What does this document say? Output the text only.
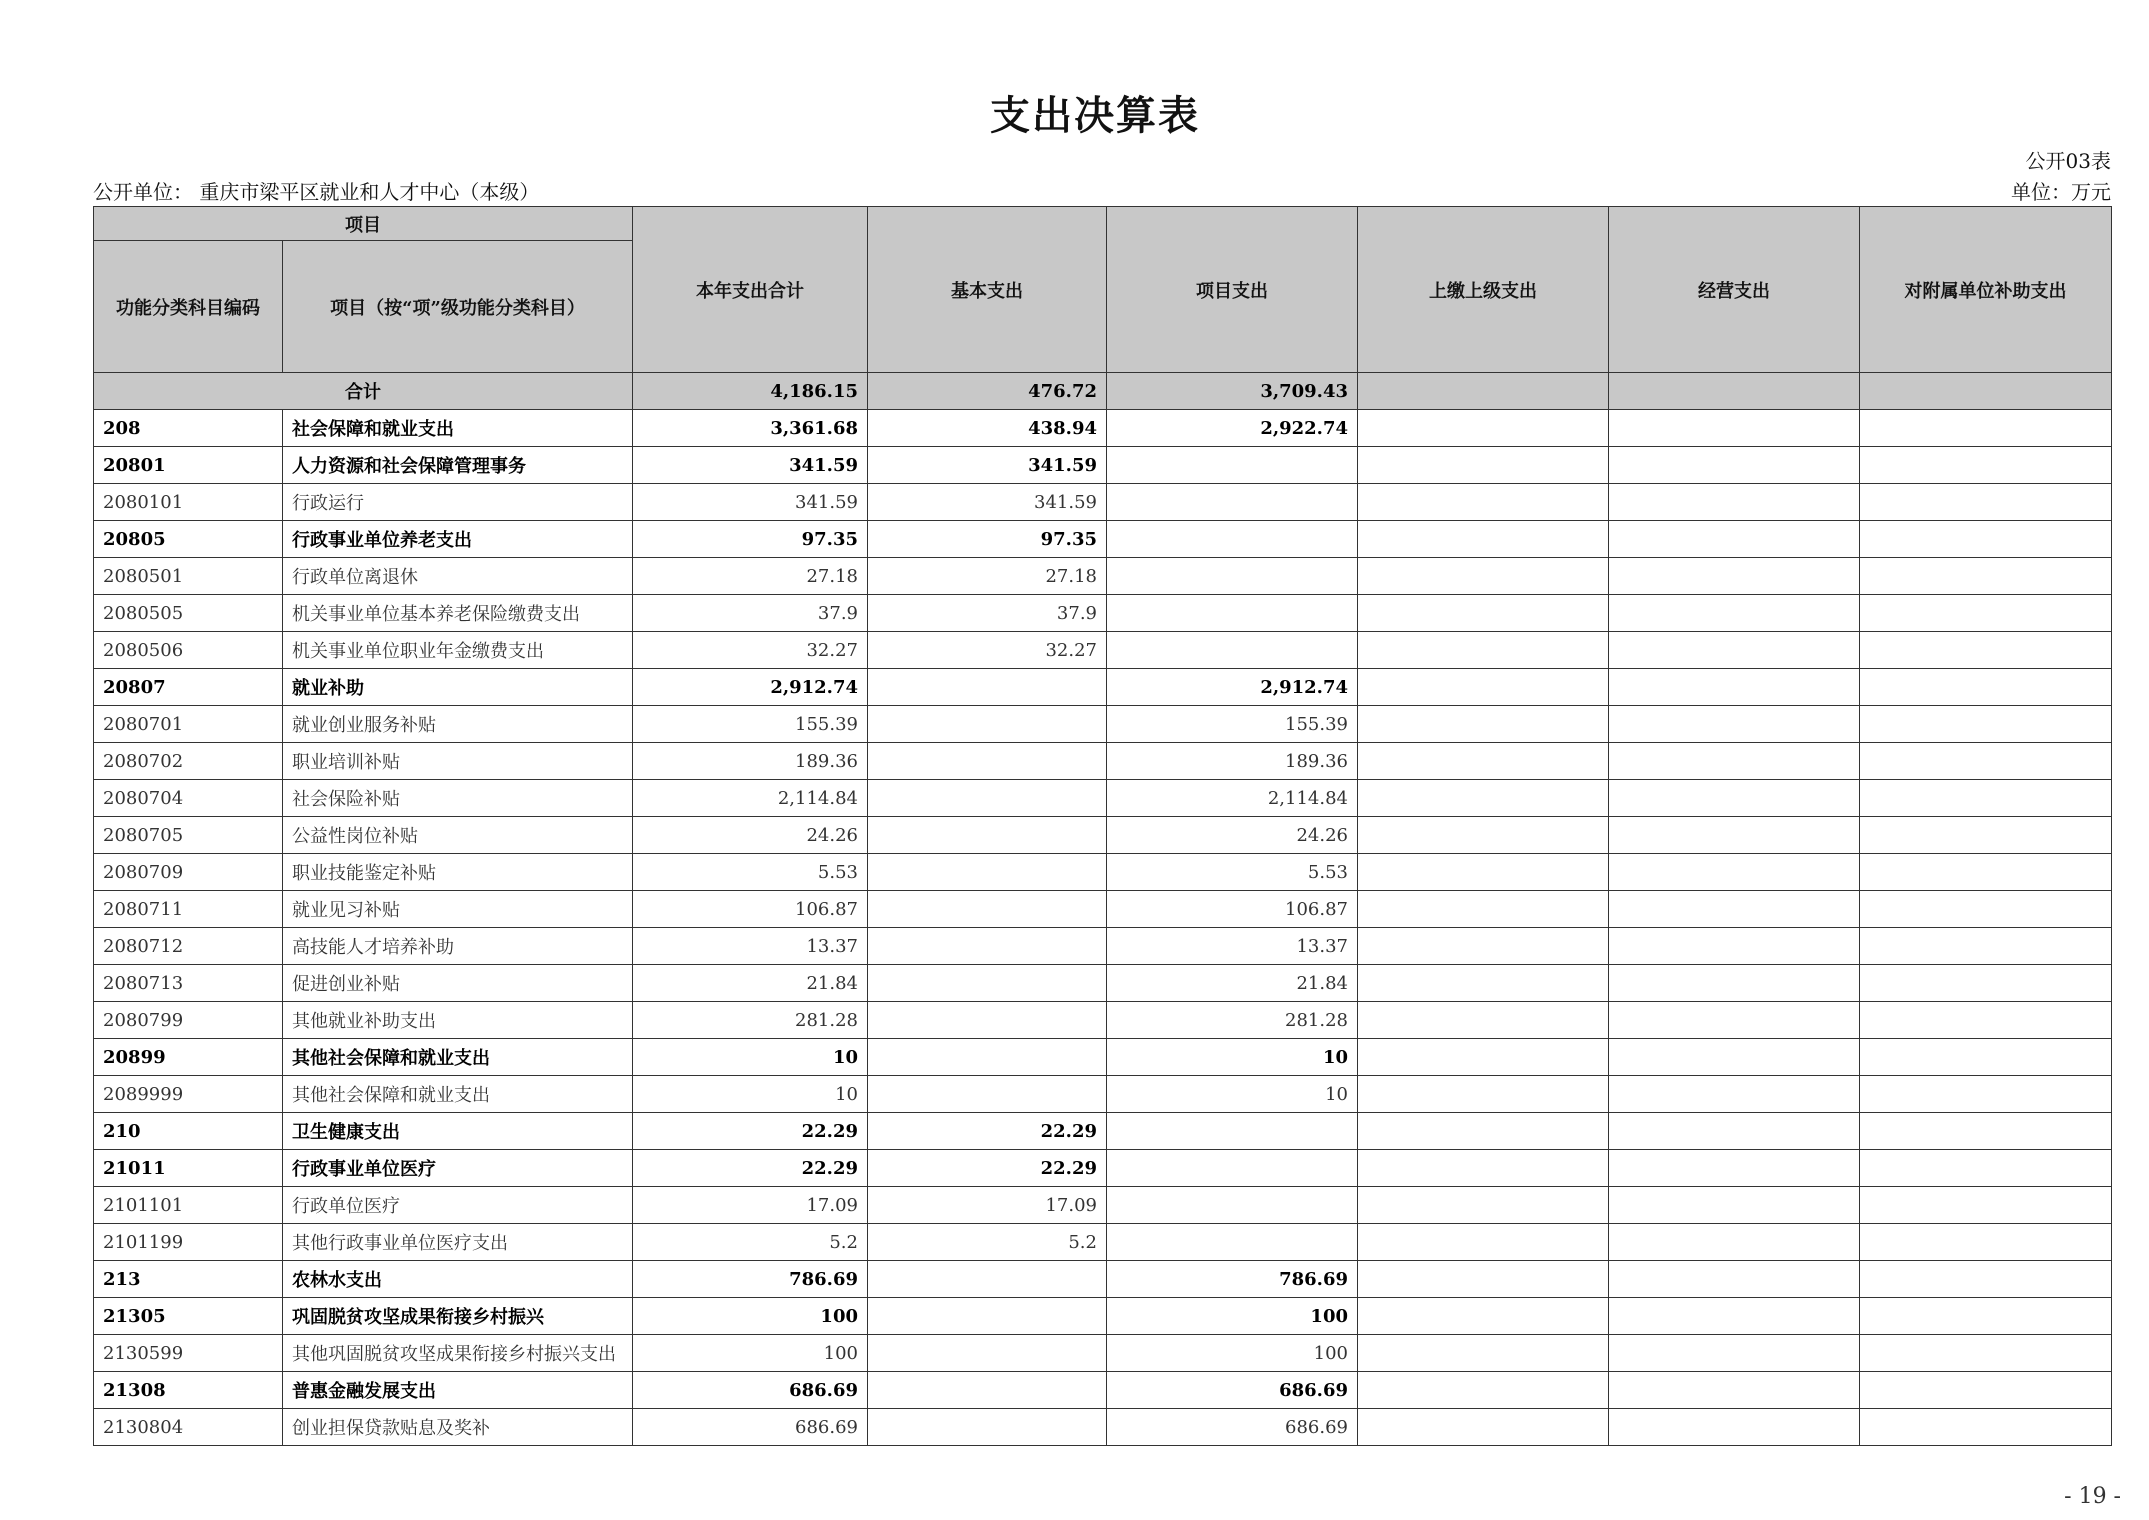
支出决算表
公开03表
公开单位： 重庆市梁平区就业和人才中心（本级）	单位：万元
项目		本年支出合计	基本支出	项目支出	上缴上级支出	经营支出	对附属单位补助支出
功能分类科目编码	项目（按“项”级功能分类科目）						
合计		4,186.15	476.72	3,709.43			
208	社会保障和就业支出	3,361.68	438.94	2,922.74			
20801	人力资源和社会保障管理事务	341.59	341.59				
2080101	行政运行	341.59	341.59				
20805	行政事业单位养老支出	97.35	97.35				
2080501	行政单位离退休	27.18	27.18				
2080505	机关事业单位基本养老保险缴费支出	37.9	37.9				
2080506	机关事业单位职业年金缴费支出	32.27	32.27				
20807	就业补助	2,912.74		2,912.74			
2080701	就业创业服务补贴	155.39		155.39			
2080702	职业培训补贴	189.36		189.36			
2080704	社会保险补贴	2,114.84		2,114.84			
2080705	公益性岗位补贴	24.26		24.26			
2080709	职业技能鉴定补贴	5.53		5.53			
2080711	就业见习补贴	106.87		106.87			
2080712	高技能人才培养补助	13.37		13.37			
2080713	促进创业补贴	21.84		21.84			
2080799	其他就业补助支出	281.28		281.28			
20899	其他社会保障和就业支出	10		10			
2089999	其他社会保障和就业支出	10		10			
210	卫生健康支出	22.29	22.29				
21011	行政事业单位医疗	22.29	22.29				
2101101	行政单位医疗	17.09	17.09				
2101199	其他行政事业单位医疗支出	5.2	5.2				
213	农林水支出	786.69		786.69			
21305	巩固脱贫攻坚成果衔接乡村振兴	100		100			
2130599	其他巩固脱贫攻坚成果衔接乡村振兴支出	100		100			
21308	普惠金融发展支出	686.69		686.69			
2130804	创业担保贷款贴息及奖补	686.69		686.69			
- 19 -
